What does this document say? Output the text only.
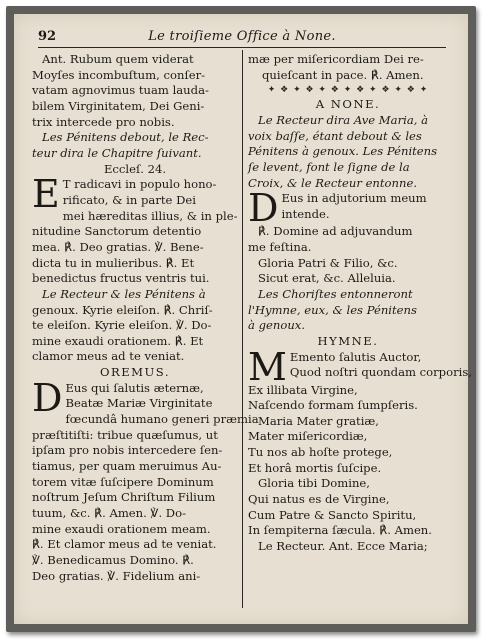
92	Le troiſieme Office à None.
Ant. Rubum quem viderat
Moyſes incombuſtum, conſer-
vatam agnovimus tuam lauda-
bilem Virginitatem, Dei Geni-
trix intercede pro nobis.
Les Pénitens debout, le Rec-
teur dira le Chapitre ſuivant.
Eccleſ. 24.
E T radicavi in populo hono-
rificato, & in parte Dei
mei hæreditas illius, & in ple-
nitudine Sanctorum detentio
mea. ℟. Deo gratias. ℣. Bene-
dicta tu in mulieribus. ℟. Et
benedictus fructus ventris tui.
Le Recteur & les Pénitens à
genoux. Kyrie eleiſon. ℟. Chriſ-
te eleiſon. Kyrie eleiſon. ℣. Do-
mine exaudi orationem. ℟. Et
clamor meus ad te veniat.
OREMUS.
D Eus qui ſalutis æternæ,
Beatæ Mariæ Virginitate
fœcundâ humano generi præmia
præſtitiſti: tribue quæſumus, ut
ipſam pro nobis intercedere ſen-
tiamus, per quam meruimus Au-
torem vitæ ſuſcipere Dominum
noſtrum Jeſum Chriſtum Filium
tuum, &c. ℟. Amen. ℣. Do-
mine exaudi orationem meam.
℟. Et clamor meus ad te veniat.
℣. Benedicamus Domino. ℟.
Deo gratias. ℣. Fidelium ani-
mæ per miſericordiam Dei re-
quieſcant in pace. ℟. Amen.
✦ ❖ ✦ ❖ ✦ ❖ ✦ ❖ ✦ ❖ ✦ ❖ ✦
A NONE.
Le Recteur dira Ave Maria, à
voix baſſe, étant debout & les
Pénitens à genoux. Les Pénitens
ſe levent, font le ſigne de la
Croix, & le Recteur entonne.
D Eus in adjutorium meum
intende.
℟. Domine ad adjuvandum
me feſtina.
Gloria Patri & Filio, &c.
Sicut erat, &c. Alleluia.
Les Choriſtes entonneront
l'Hymne, eux, & les Pénitens
à genoux.
HYMNE.
M Emento ſalutis Auctor,
Quod noſtri quondam corporis,
Ex illibata Virgine,
Naſcendo formam ſumpſeris.
Maria Mater gratiæ,
Mater miſericordiæ,
Tu nos ab hoſte protege,
Et horâ mortis ſuſcipe.
Gloria tibi Domine,
Qui natus es de Virgine,
Cum Patre & Sancto Spiritu,
In ſempiterna ſæcula. ℟. Amen.
Le Recteur. Ant. Ecce Maria;
